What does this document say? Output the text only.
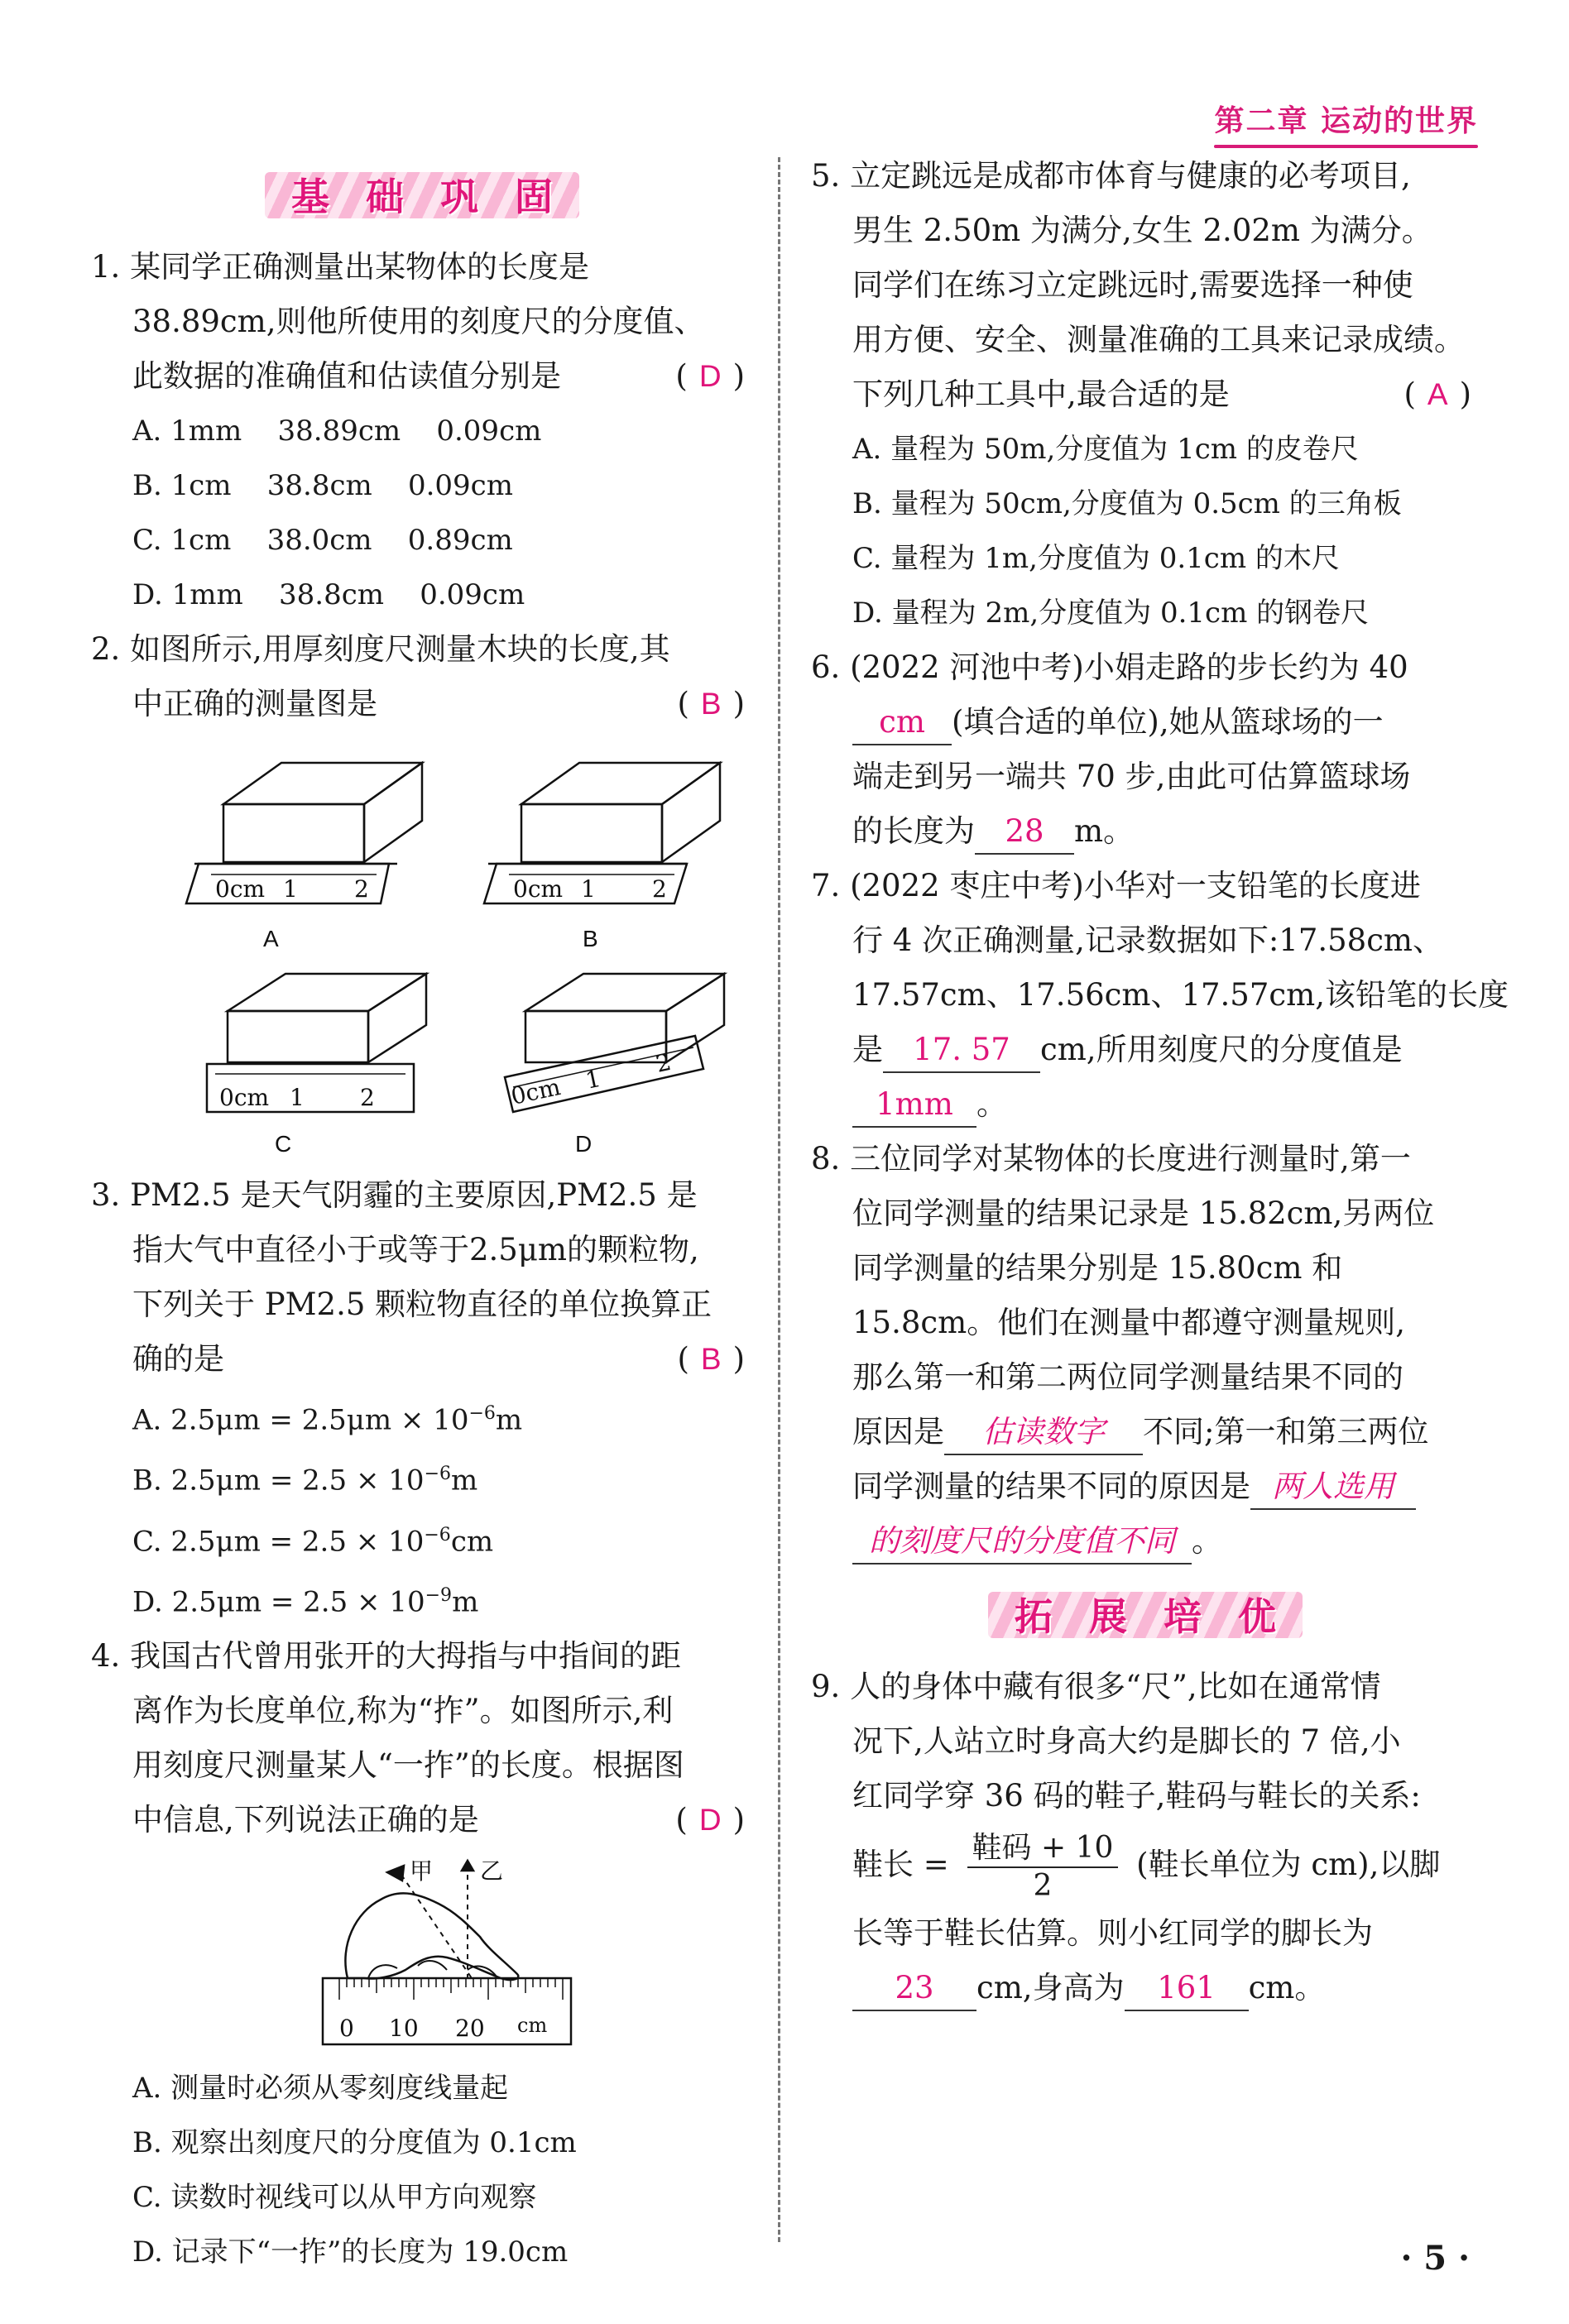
第二章 运动的世界
基础巩固
1. 某同学正确测量出某物体的长度是
38.89cm,则他所使用的刻度尺的分度值、
此数据的准确值和估读值分别是	( D )
A. 1mm    38.89cm    0.09cm
B. 1cm    38.8cm    0.09cm
C. 1cm    38.0cm    0.89cm
D. 1mm    38.8cm    0.09cm
2. 如图所示,用厚刻度尺测量木块的长度,其
中正确的测量图是	( B )
0cm 1 2
A
0cm 1 2
B
0cm 1 2
C
0cm 1
2
D
3. PM2.5 是天气阴霾的主要原因,PM2.5 是
指大气中直径小于或等于2.5μm的颗粒物,
下列关于 PM2.5 颗粒物直径的单位换算正
确的是	( B )
A. $2.5\mu m = 2.5\mu m \times 10^{-6}m$
B. $2.5\mu m = 2.5 \times 10^{-6}m$
C. $2.5\mu m = 2.5 \times 10^{-6}cm$
D. $2.5\mu m = 2.5 \times 10^{-9}m$
4. 我国古代曾用张开的大拇指与中指间的距
离作为长度单位,称为“拃”。如图所示,利
用刻度尺测量某人“一拃”的长度。根据图
中信息,下列说法正确的是	( D )
甲 乙
0 10 20 cm
A. 测量时必须从零刻度线量起
B. 观察出刻度尺的分度值为 0.1cm
C. 读数时视线可以从甲方向观察
D. 记录下“一拃”的长度为 19.0cm
5. 立定跳远是成都市体育与健康的必考项目,
男生 2.50m 为满分,女生 2.02m 为满分。
同学们在练习立定跳远时,需要选择一种使
用方便、安全、测量准确的工具来记录成绩。
下列几种工具中,最合适的是	( A )
A. 量程为 50m,分度值为 1cm 的皮卷尺
B. 量程为 50cm,分度值为 0.5cm 的三角板
C. 量程为 1m,分度值为 0.1cm 的木尺
D. 量程为 2m,分度值为 0.1cm 的钢卷尺
6. (2022 河池中考)小娟走路的步长约为 40
cm (填合适的单位),她从篮球场的一
端走到另一端共 70 步,由此可估算篮球场
的长度为 28 m。
7. (2022 枣庄中考)小华对一支铅笔的长度进
行 4 次正确测量,记录数据如下:17.58cm、
17.57cm、17.56cm、17.57cm,该铅笔的长度
是 17. 57 cm,所用刻度尺的分度值是
1mm 。
8. 三位同学对某物体的长度进行测量时,第一
位同学测量的结果记录是 15.82cm,另两位
同学测量的结果分别是 15.80cm 和
15.8cm。他们在测量中都遵守测量规则,
那么第一和第二两位同学测量结果不同的
原因是 估读数字 不同;第一和第三两位
同学测量的结果不同的原因是 两人选用
的刻度尺的分度值不同 。
拓展培优
9. 人的身体中藏有很多“尺”,比如在通常情
况下,人站立时身高大约是脚长的 7 倍,小
红同学穿 36 码的鞋子,鞋码与鞋长的关系:
鞋长 = $\frac{\text{鞋码 + 10}}{2}$ (鞋长单位为 cm),以脚
长等于鞋长估算。则小红同学的脚长为
23 cm,身高为 161 cm。
· 5 ·
